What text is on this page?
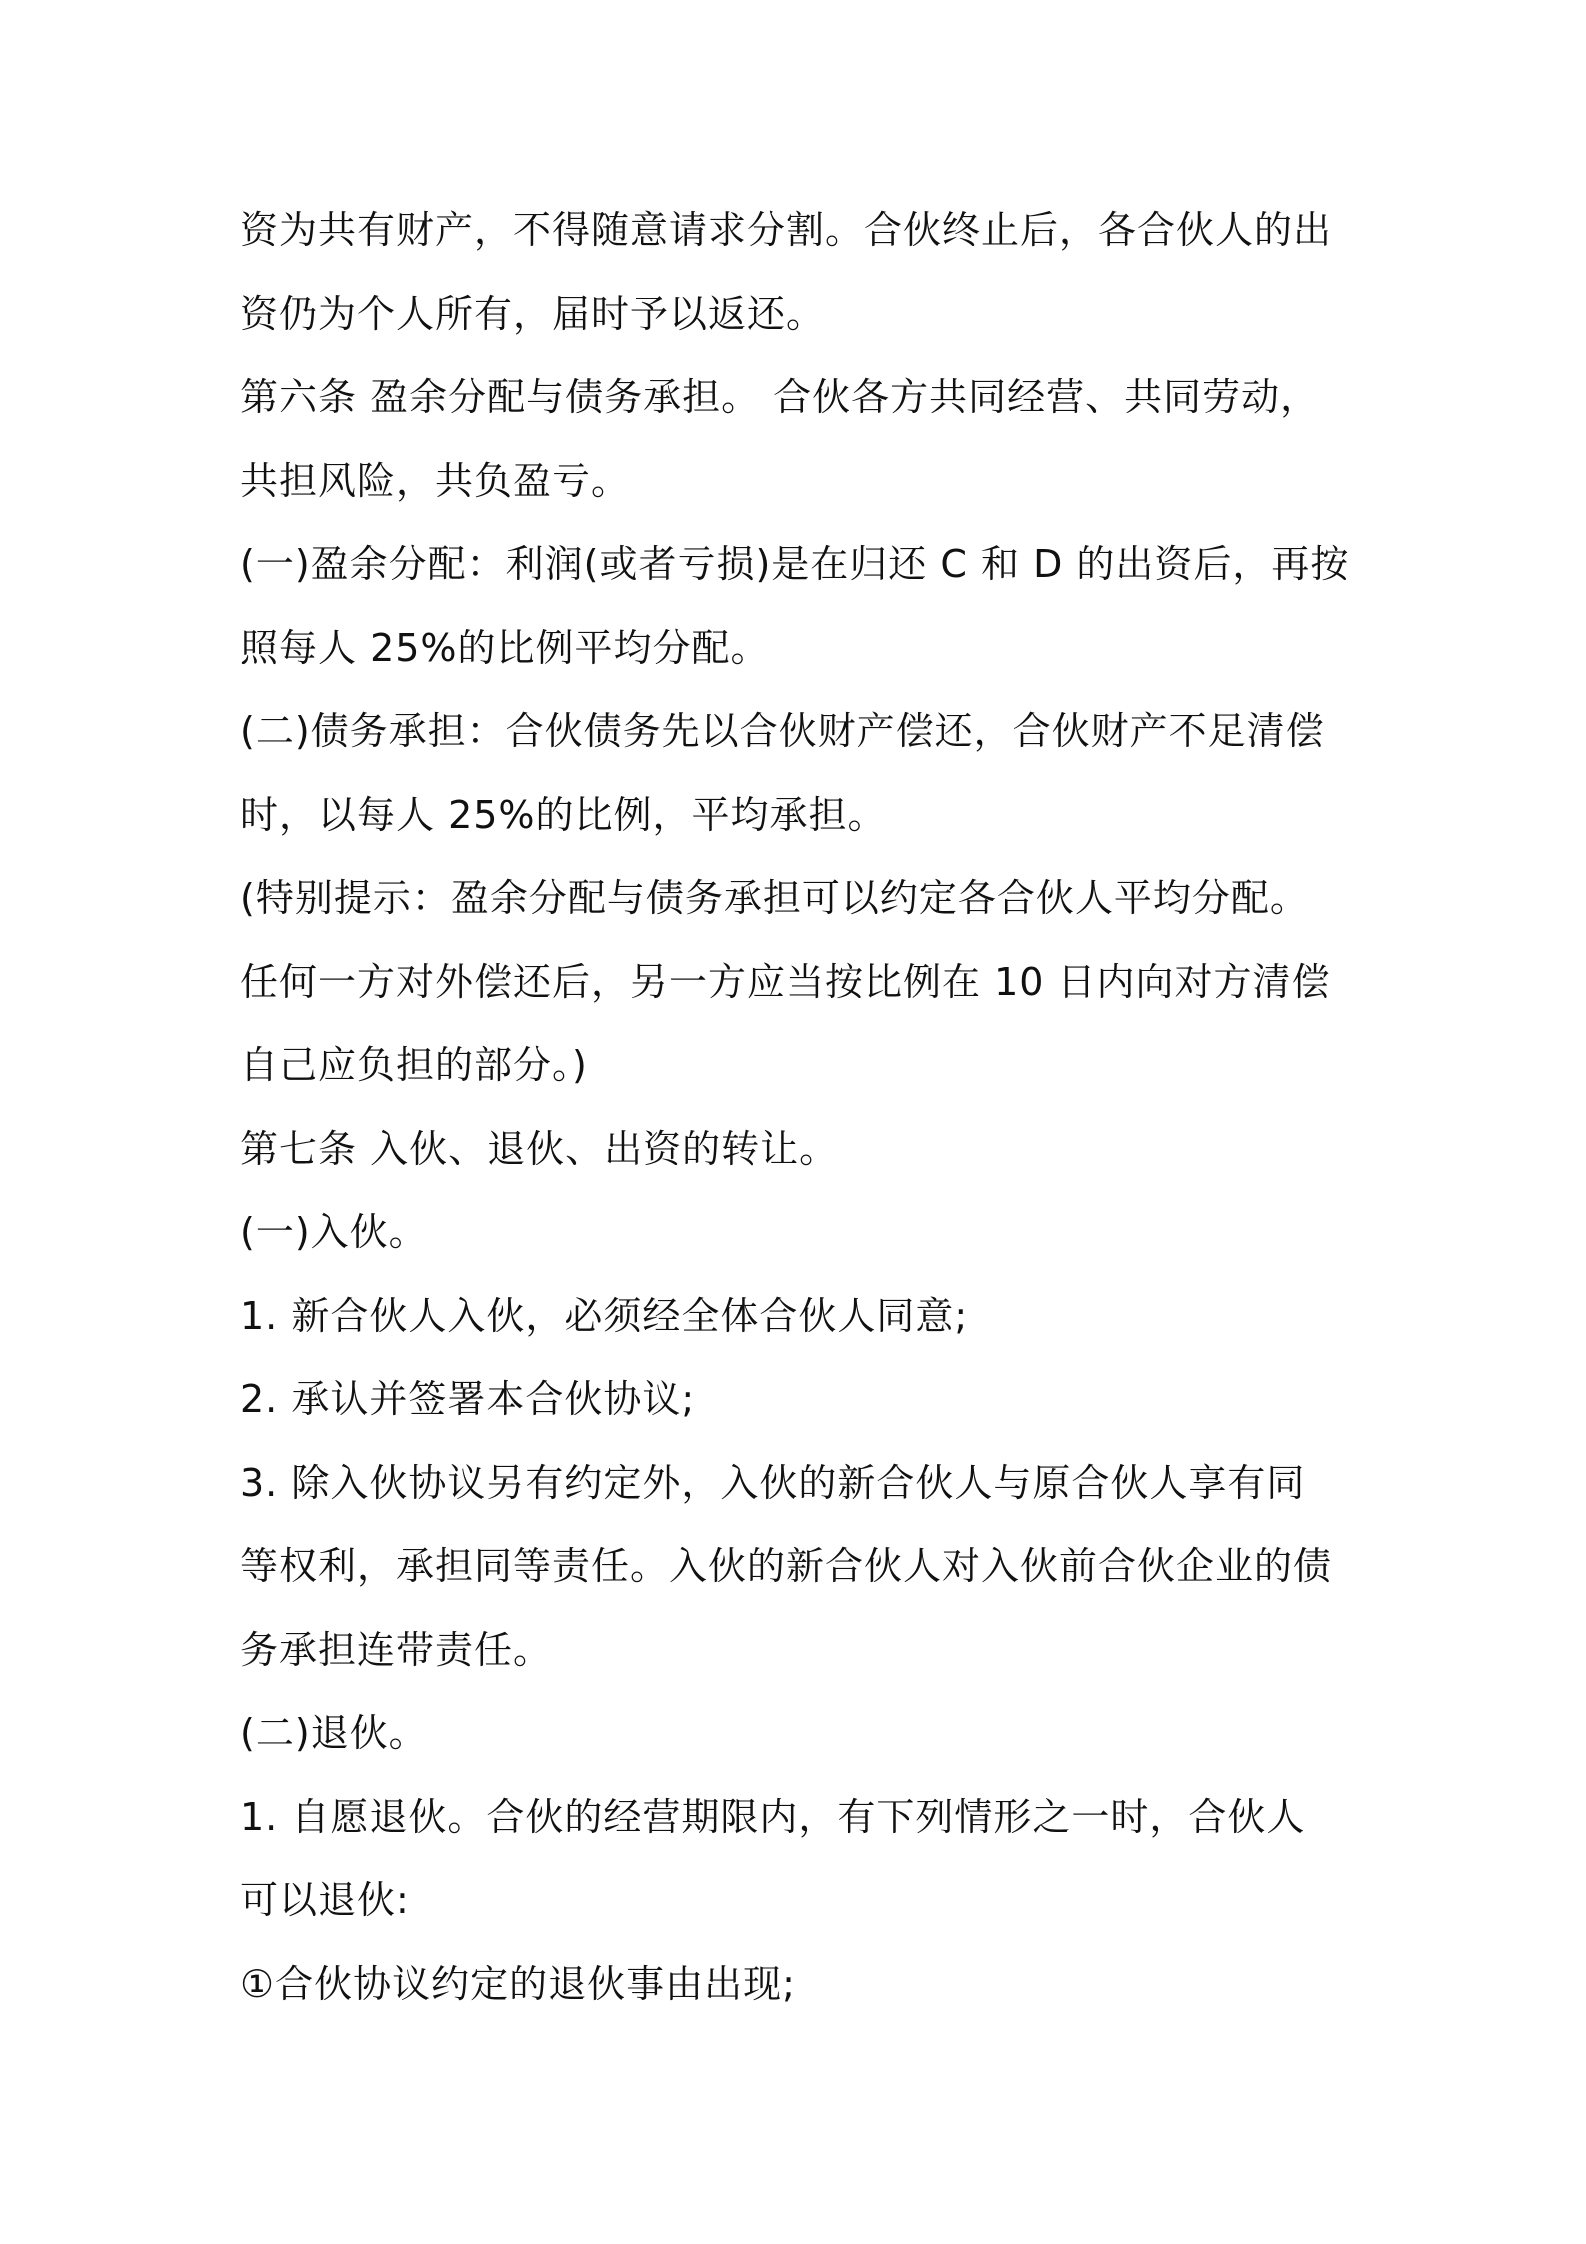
资为共有财产，不得随意请求分割。合伙终止后，各合伙人的出
资仍为个人所有，届时予以返还。
第六条 盈余分配与债务承担。 合伙各方共同经营、共同劳动，
共担风险，共负盈亏。
(一)盈余分配：利润(或者亏损)是在归还 C 和 D 的出资后，再按
照每人 25%的比例平均分配。
(二)债务承担：合伙债务先以合伙财产偿还，合伙财产不足清偿
时，以每人 25%的比例，平均承担。
(特别提示：盈余分配与债务承担可以约定各合伙人平均分配。
任何一方对外偿还后，另一方应当按比例在 10 日内向对方清偿
自己应负担的部分。)
第七条 入伙、退伙、出资的转让。
(一)入伙。
1. 新合伙人入伙，必须经全体合伙人同意;
2. 承认并签署本合伙协议;
3. 除入伙协议另有约定外，入伙的新合伙人与原合伙人享有同
等权利，承担同等责任。入伙的新合伙人对入伙前合伙企业的债
务承担连带责任。
(二)退伙。
1. 自愿退伙。合伙的经营期限内，有下列情形之一时，合伙人
可以退伙:
①合伙协议约定的退伙事由出现;
